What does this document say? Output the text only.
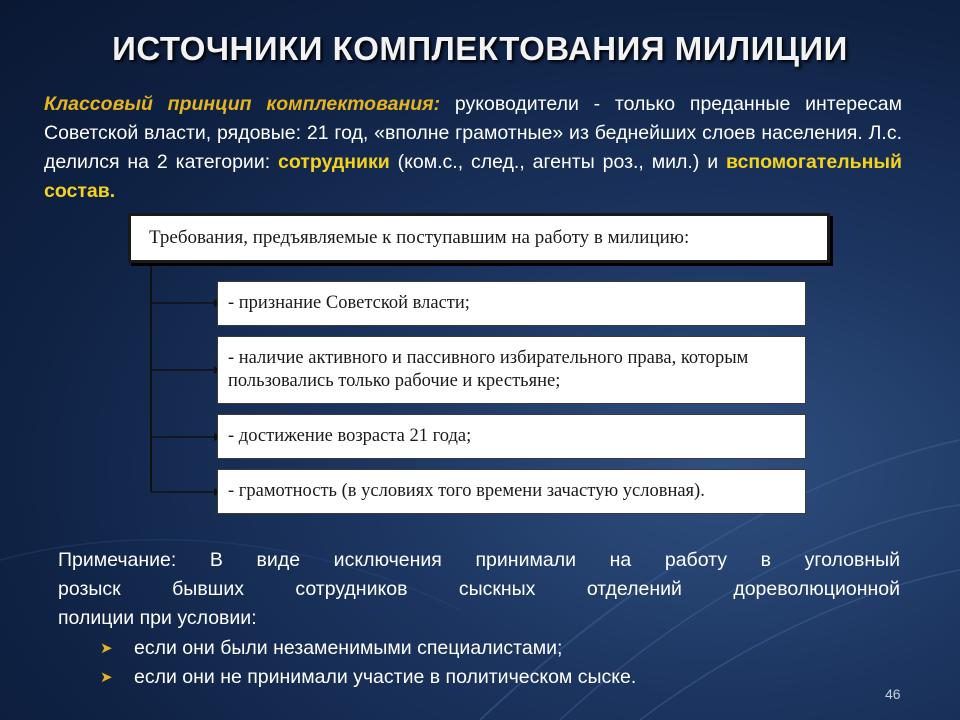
ИСТОЧНИКИ КОМПЛЕКТОВАНИЯ МИЛИЦИИ
Классовый принцип комплектования: руководители - только преданные интересам Советской власти, рядовые: 21 год, «вполне грамотные» из беднейших слоев населения. Л.с. делился на 2 категории: сотрудники (ком.с., след., агенты роз., мил.) и вспомогательный состав.
Требования, предъявляемые к поступавшим на работу в милицию:
- признание Советской власти;
- наличие активного и пассивного избирательного права, которым пользовались только рабочие и крестьяне;
- достижение возраста 21 года;
- грамотность (в условиях того времени зачастую условная).
Примечание: В виде исключения принимали на работу в уголовный
розыск бывших сотрудников сыскных отделений дореволюционной
полиции при условии:
➤	если они были незаменимыми специалистами;
➤	если они не принимали участие в политическом сыске.
46
